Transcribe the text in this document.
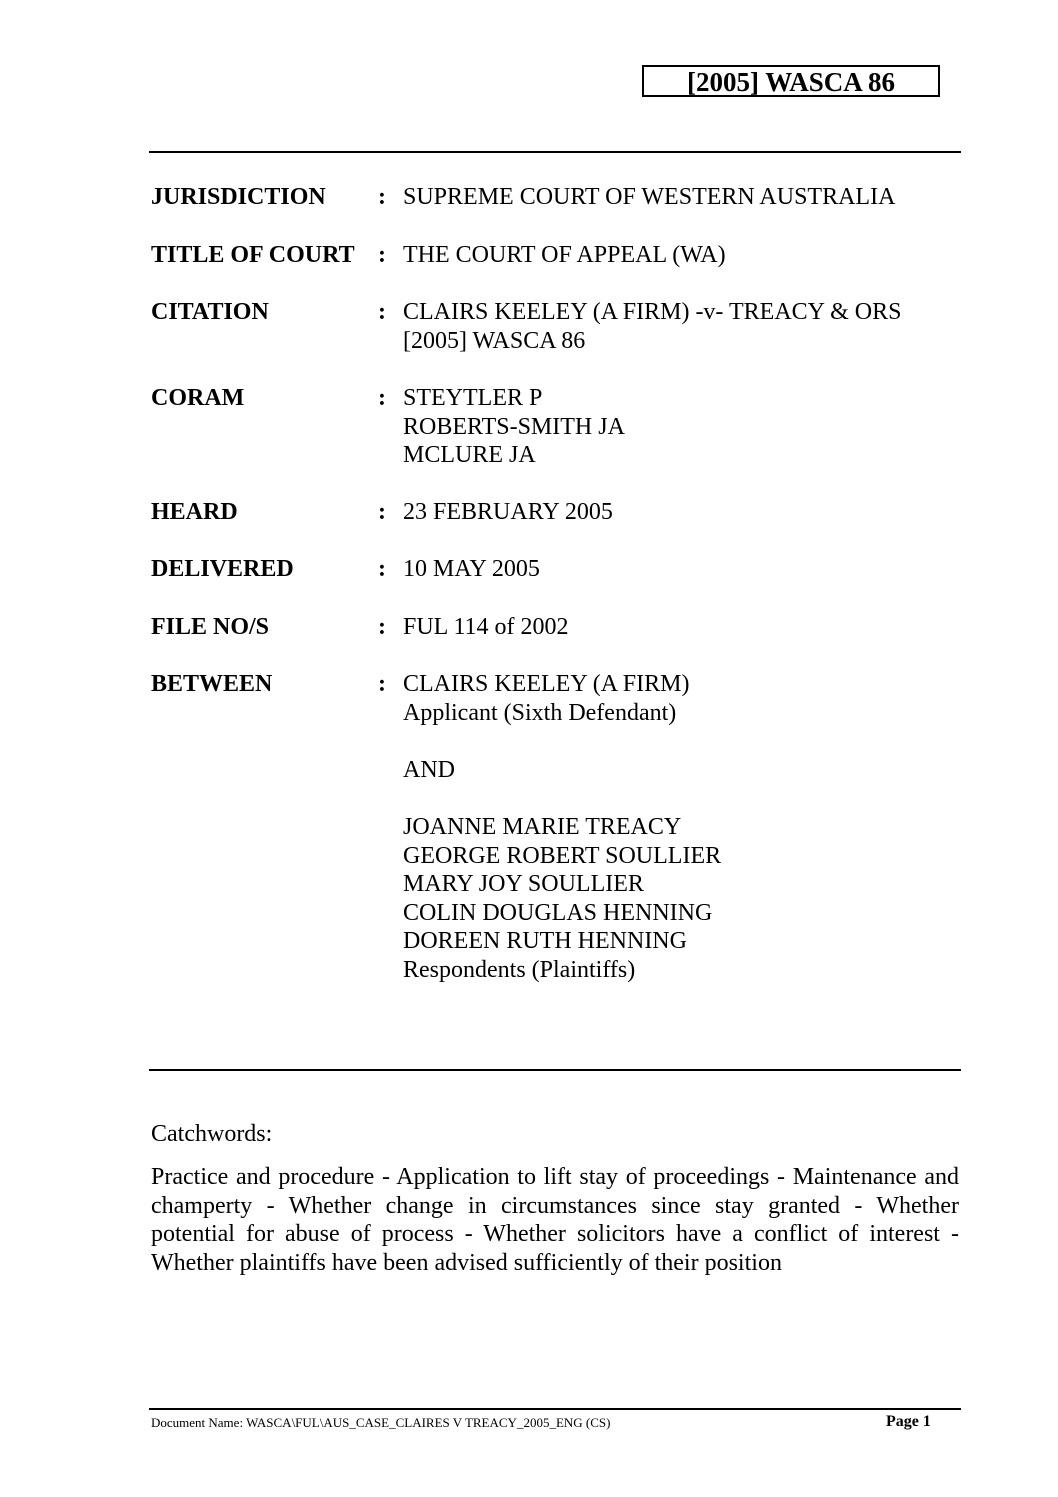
[2005] WASCA 86
JURISDICTION : SUPREME COURT OF WESTERN AUSTRALIA
TITLE OF COURT : THE COURT OF APPEAL (WA)
CITATION	: CLAIRS KEELEY (A FIRM) -v- TREACY & ORS
[2005] WASCA 86
CORAM	: STEYTLER P
ROBERTS-SMITH JA
MCLURE JA
HEARD	: 23 FEBRUARY 2005
DELIVERED	: 10 MAY 2005
FILE NO/S	: FUL 114 of 2002
BETWEEN	: CLAIRS KEELEY (A FIRM)
Applicant (Sixth Defendant)
AND
JOANNE MARIE TREACY
GEORGE ROBERT SOULLIER
MARY JOY SOULLIER
COLIN DOUGLAS HENNING
DOREEN RUTH HENNING
Respondents (Plaintiffs)
Catchwords:
Practice and procedure - Application to lift stay of proceedings - Maintenance and champerty - Whether change in circumstances since stay granted - Whether potential for abuse of process - Whether solicitors have a conflict of interest - Whether plaintiffs have been advised sufficiently of their position
Document Name: WASCA\FUL\AUS_CASE_CLAIRES V TREACY_2005_ENG (CS)	Page 1
